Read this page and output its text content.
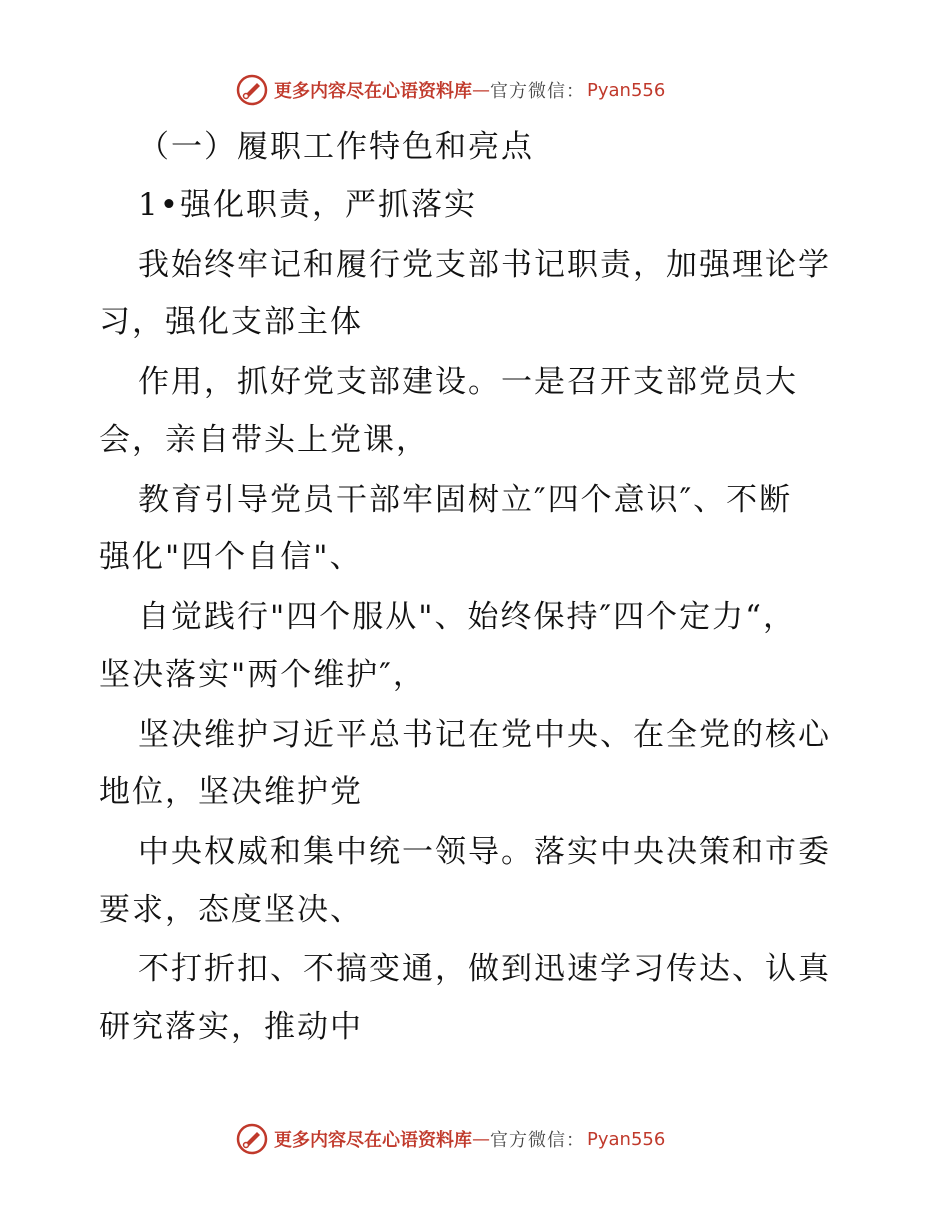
更多内容尽在心语资料库 — 官方微信： Pyan556
（一）履职工作特色和亮点
1•强化职责，严抓落实
我始终牢记和履行党支部书记职责，加强理论学
习，强化支部主体
作用，抓好党支部建设。一是召开支部党员大
会，亲自带头上党课，
教育引导党员干部牢固树立″四个意识″、不断
强化"四个自信"、
自觉践行"四个服从"、始终保持″四个定力“，
坚决落实"两个维护″，
坚决维护习近平总书记在党中央、在全党的核心
地位，坚决维护党
中央权威和集中统一领导。落实中央决策和市委
要求，态度坚决、
不打折扣、不搞变通，做到迅速学习传达、认真
研究落实，推动中
更多内容尽在心语资料库 — 官方微信： Pyan556
